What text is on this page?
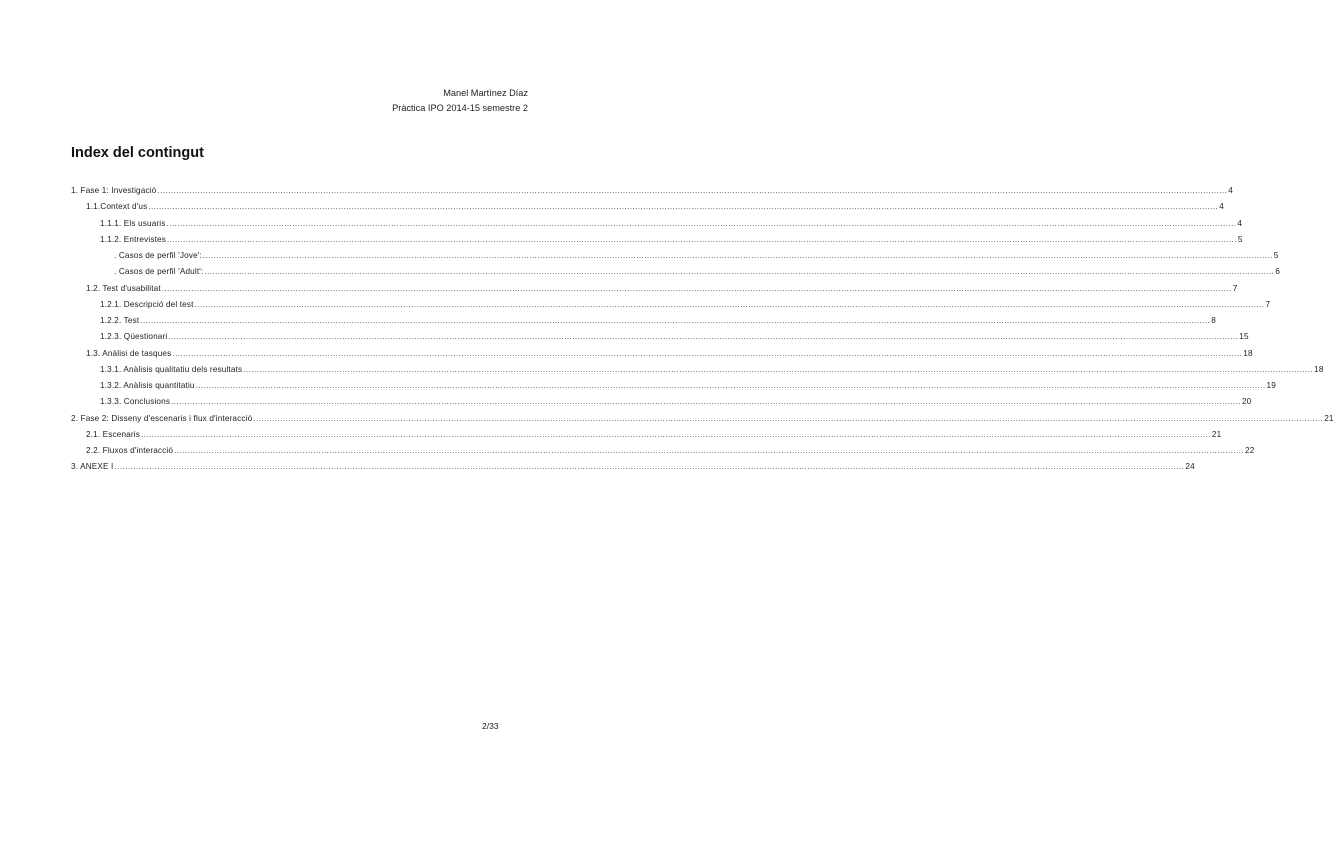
Manel Martínez Díaz
Pràctica IPO 2014-15 semestre 2
Index del contingut
1. Fase 1: Investigació ................................................................................................................................................................................................................................................................................................................................................................................................................ 4
1.1.Context d'us ................................................................................................................................................................................................................................................................................................................................................................................................................ 4
1.1.1. Els usuaris ................................................................................................................................................................................................................................................................................................................................................................................................................ 4
1.1.2. Entrevistes ................................................................................................................................................................................................................................................................................................................................................................................................................ 5
. Casos de perfil 'Jove': ................................................................................................................................................................................................................................................................................................................................................................................................................ 5
. Casos de perfil 'Adult': ................................................................................................................................................................................................................................................................................................................................................................................................................ 6
1.2. Test d'usabilitat ................................................................................................................................................................................................................................................................................................................................................................................................................ 7
1.2.1. Descripció del test ................................................................................................................................................................................................................................................................................................................................................................................................................ 7
1.2.2. Test ................................................................................................................................................................................................................................................................................................................................................................................................................ 8
1.2.3. Qüestionari ................................................................................................................................................................................................................................................................................................................................................................................................................ 15
1.3. Anàlisi de tasques ................................................................................................................................................................................................................................................................................................................................................................................................................ 18
1.3.1. Anàlisis qualitatiu dels resultats ................................................................................................................................................................................................................................................................................................................................................................................................................ 18
1.3.2. Anàlisis quantitatiu ................................................................................................................................................................................................................................................................................................................................................................................................................ 19
1.3.3. Conclusions ................................................................................................................................................................................................................................................................................................................................................................................................................ 20
2. Fase 2: Disseny d'escenaris i flux d'interacció ................................................................................................................................................................................................................................................................................................................................................................................................................ 21
2.1. Escenaris ................................................................................................................................................................................................................................................................................................................................................................................................................ 21
2.2. Fluxos d'interacció ................................................................................................................................................................................................................................................................................................................................................................................................................ 22
3. ANEXE I ................................................................................................................................................................................................................................................................................................................................................................................................................ 24
2/33
